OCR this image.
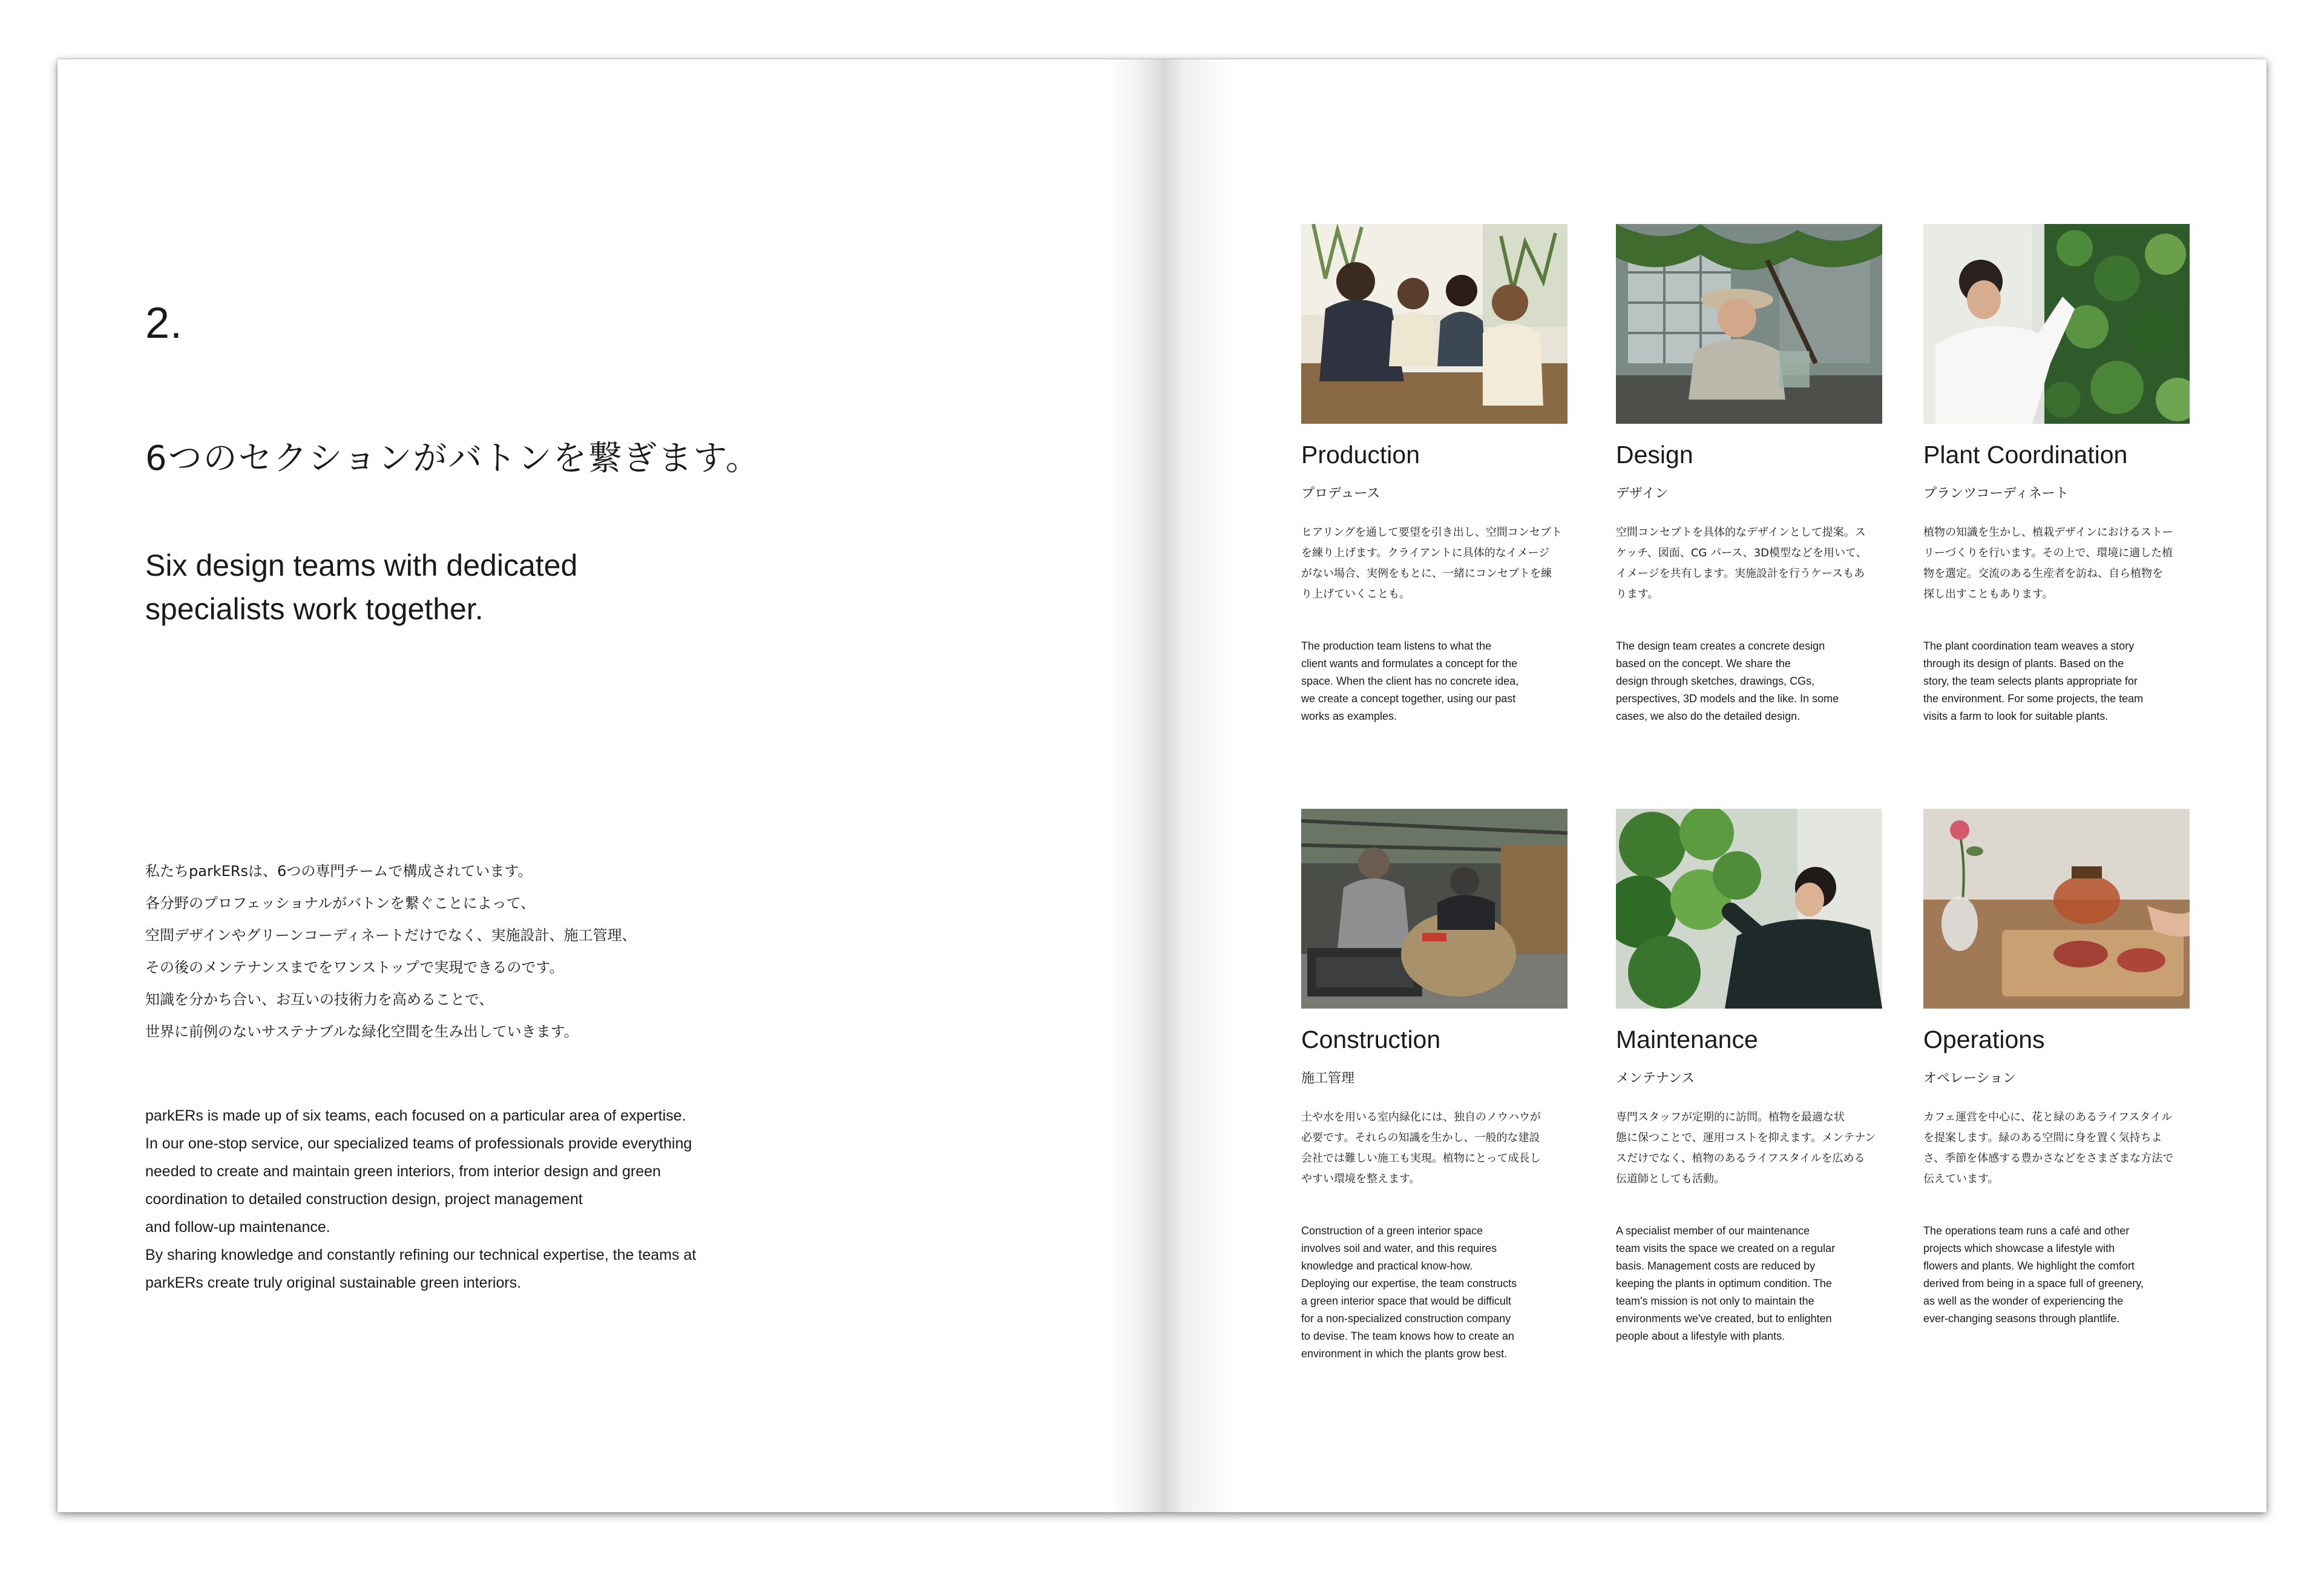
2.
6つのセクションがバトンを繋ぎます。
Six design teams with dedicated
specialists work together.
私たちparkERsは、6つの専門チームで構成されています。
各分野のプロフェッショナルがバトンを繋ぐことによって、
空間デザインやグリーンコーディネートだけでなく、実施設計、施工管理、
その後のメンテナンスまでをワンストップで実現できるのです。
知識を分かち合い、お互いの技術力を高めることで、
世界に前例のないサステナブルな緑化空間を生み出していきます。
parkERs is made up of six teams, each focused on a particular area of expertise.
In our one-stop service, our specialized teams of professionals provide everything
needed to create and maintain green interiors, from interior design and green
coordination to detailed construction design, project management
and follow-up maintenance.
By sharing knowledge and constantly refining our technical expertise, the teams at
parkERs create truly original sustainable green interiors.
Production
プロデュース
ヒアリングを通して要望を引き出し、空間コンセプト
を練り上げます。クライアントに具体的なイメージ
がない場合、実例をもとに、一緒にコンセプトを練
り上げていくことも。
The production team listens to what the
client wants and formulates a concept for the
space. When the client has no concrete idea,
we create a concept together, using our past
works as examples.
Design
デザイン
空間コンセプトを具体的なデザインとして提案。ス
ケッチ、図面、CG パース、3D模型などを用いて、
イメージを共有します。実施設計を行うケースもあ
ります。
The design team creates a concrete design
based on the concept. We share the
design through sketches, drawings, CGs,
perspectives, 3D models and the like. In some
cases, we also do the detailed design.
Plant Coordination
プランツコーディネート
植物の知識を生かし、植栽デザインにおけるストー
リーづくりを行います。その上で、環境に適した植
物を選定。交流のある生産者を訪ね、自ら植物を
探し出すこともあります。
The plant coordination team weaves a story
through its design of plants. Based on the
story, the team selects plants appropriate for
the environment. For some projects, the team
visits a farm to look for suitable plants.
Construction
施工管理
土や水を用いる室内緑化には、独自のノウハウが
必要です。それらの知識を生かし、一般的な建設
会社では難しい施工も実現。植物にとって成長し
やすい環境を整えます。
Construction of a green interior space
involves soil and water, and this requires
knowledge and practical know-how.
Deploying our expertise, the team constructs
a green interior space that would be difficult
for a non-specialized construction company
to devise. The team knows how to create an
environment in which the plants grow best.
Maintenance
メンテナンス
専門スタッフが定期的に訪問。植物を最適な状
態に保つことで、運用コストを抑えます。メンテナン
スだけでなく、植物のあるライフスタイルを広める
伝道師としても活動。
A specialist member of our maintenance
team visits the space we created on a regular
basis. Management costs are reduced by
keeping the plants in optimum condition. The
team's mission is not only to maintain the
environments we've created, but to enlighten
people about a lifestyle with plants.
Operations
オペレーション
カフェ運営を中心に、花と緑のあるライフスタイル
を提案します。緑のある空間に身を置く気持ちよ
さ、季節を体感する豊かさなどをさまざまな方法で
伝えています。
The operations team runs a café and other
projects which showcase a lifestyle with
flowers and plants. We highlight the comfort
derived from being in a space full of greenery,
as well as the wonder of experiencing the
ever-changing seasons through plantlife.
